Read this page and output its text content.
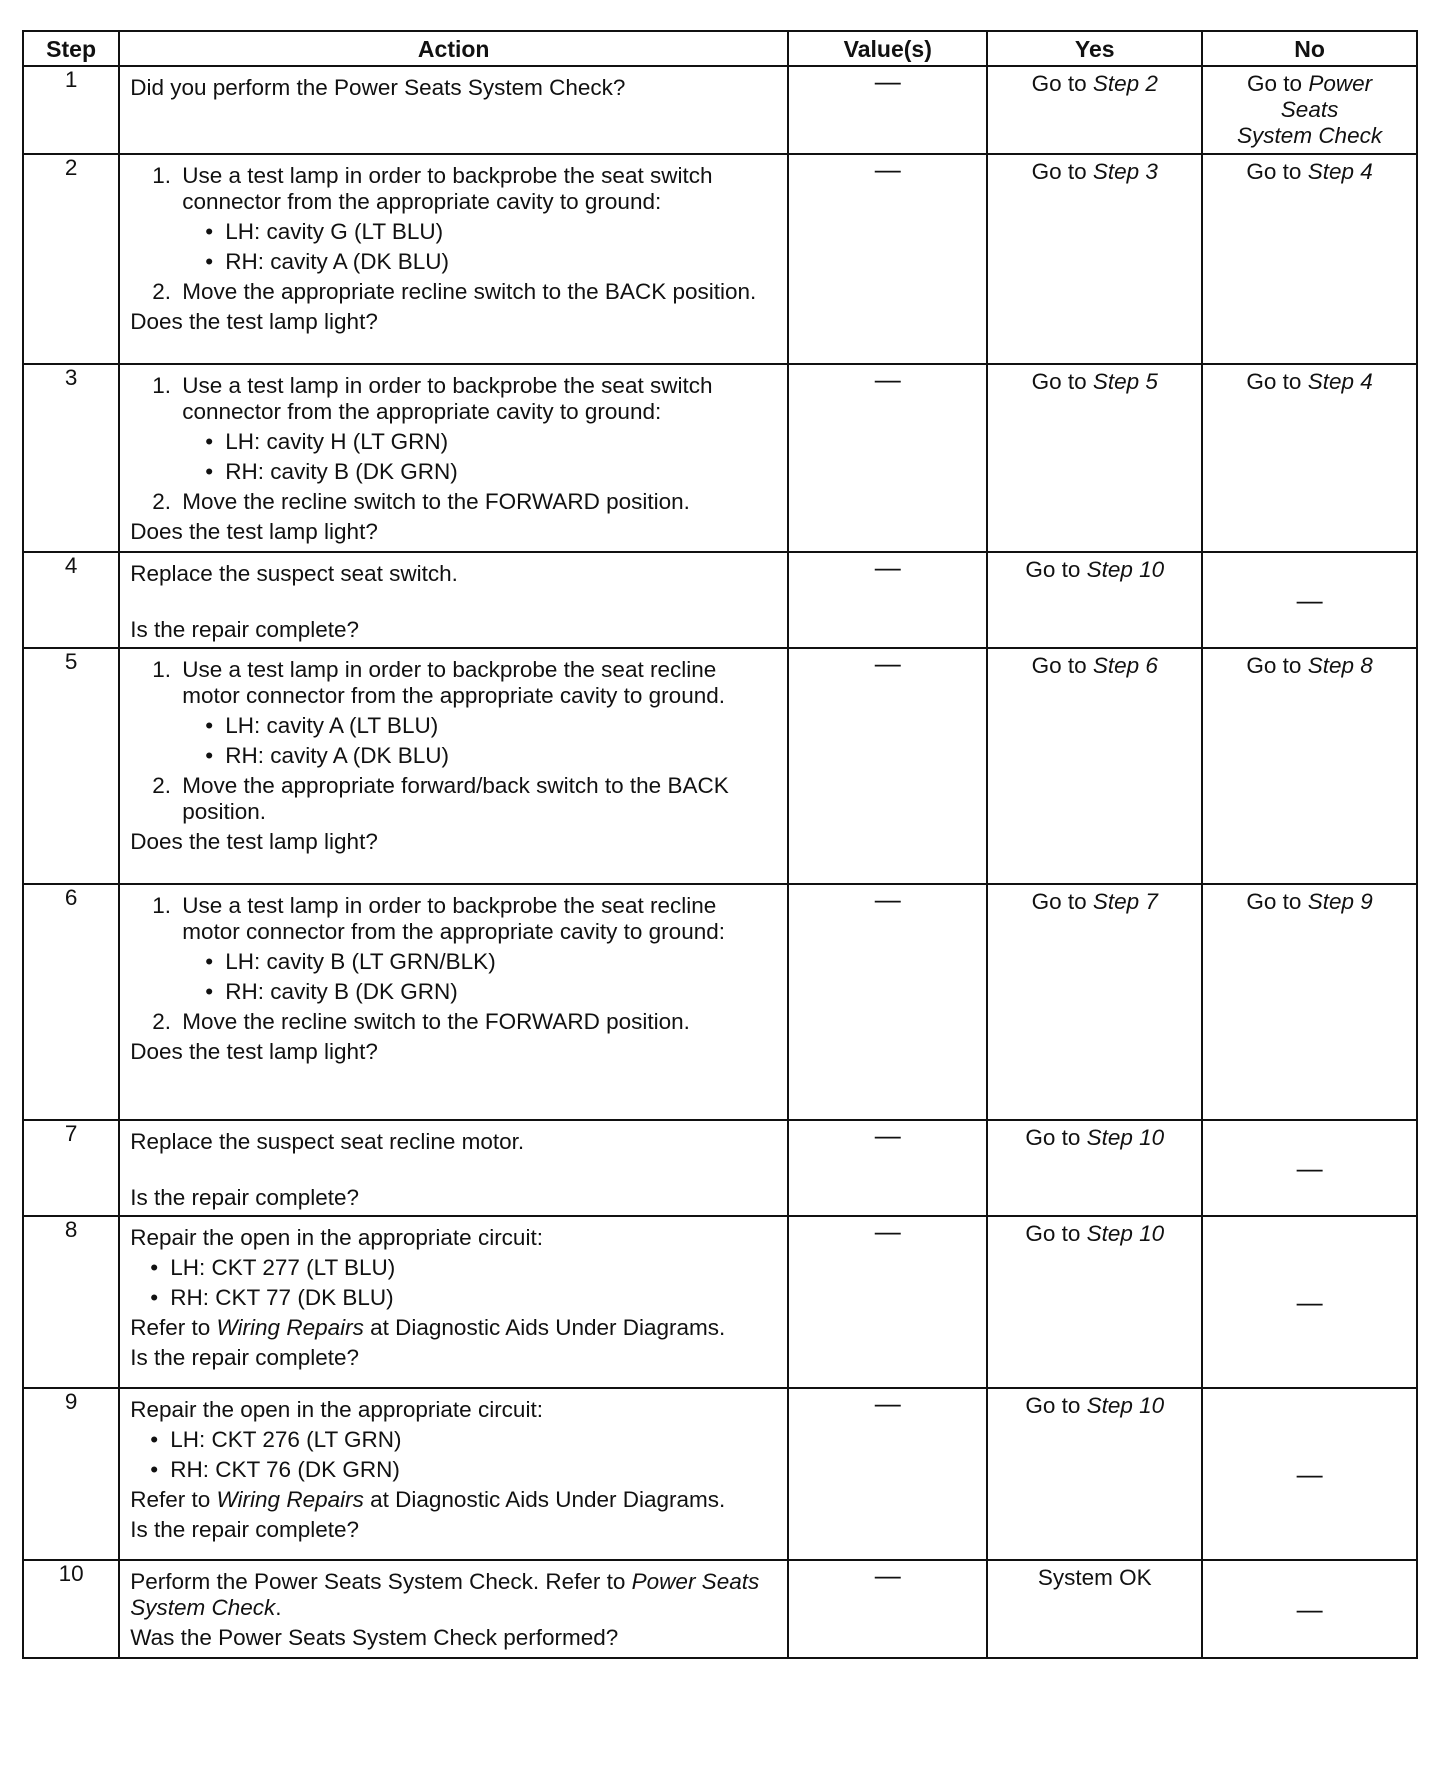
Step	Action	Value(s)	Yes	No
1	Did you perform the Power Seats System Check?	—	Go to Step 2	Go to Power
Seats
System Check
2	1. Use a test lamp in order to backprobe the seat switch connector from the appropriate cavity to ground:
• LH: cavity G (LT BLU)
• RH: cavity A (DK BLU)
2. Move the appropriate recline switch to the BACK position.
Does the test lamp light?	—	Go to Step 3	Go to Step 4
3	1. Use a test lamp in order to backprobe the seat switch connector from the appropriate cavity to ground:
• LH: cavity H (LT GRN)
• RH: cavity B (DK GRN)
2. Move the recline switch to the FORWARD position.
Does the test lamp light?	—	Go to Step 5	Go to Step 4
4	Replace the suspect seat switch.
Is the repair complete?	—	Go to Step 10	—
5	1. Use a test lamp in order to backprobe the seat recline motor connector from the appropriate cavity to ground.
• LH: cavity A (LT BLU)
• RH: cavity A (DK BLU)
2. Move the appropriate forward/back switch to the BACK position.
Does the test lamp light?	—	Go to Step 6	Go to Step 8
6	1. Use a test lamp in order to backprobe the seat recline motor connector from the appropriate cavity to ground:
• LH: cavity B (LT GRN/BLK)
• RH: cavity B (DK GRN)
2. Move the recline switch to the FORWARD position.
Does the test lamp light?	—	Go to Step 7	Go to Step 9
7	Replace the suspect seat recline motor.
Is the repair complete?	—	Go to Step 10	—
8	Repair the open in the appropriate circuit:
• LH: CKT 277 (LT BLU)
• RH: CKT 77 (DK BLU)
Refer to Wiring Repairs at Diagnostic Aids Under Diagrams.
Is the repair complete?	—	Go to Step 10	—
9	Repair the open in the appropriate circuit:
• LH: CKT 276 (LT GRN)
• RH: CKT 76 (DK GRN)
Refer to Wiring Repairs at Diagnostic Aids Under Diagrams.
Is the repair complete?	—	Go to Step 10	—
10	Perform the Power Seats System Check. Refer to Power Seats System Check.
Was the Power Seats System Check performed?	—	System OK	—
